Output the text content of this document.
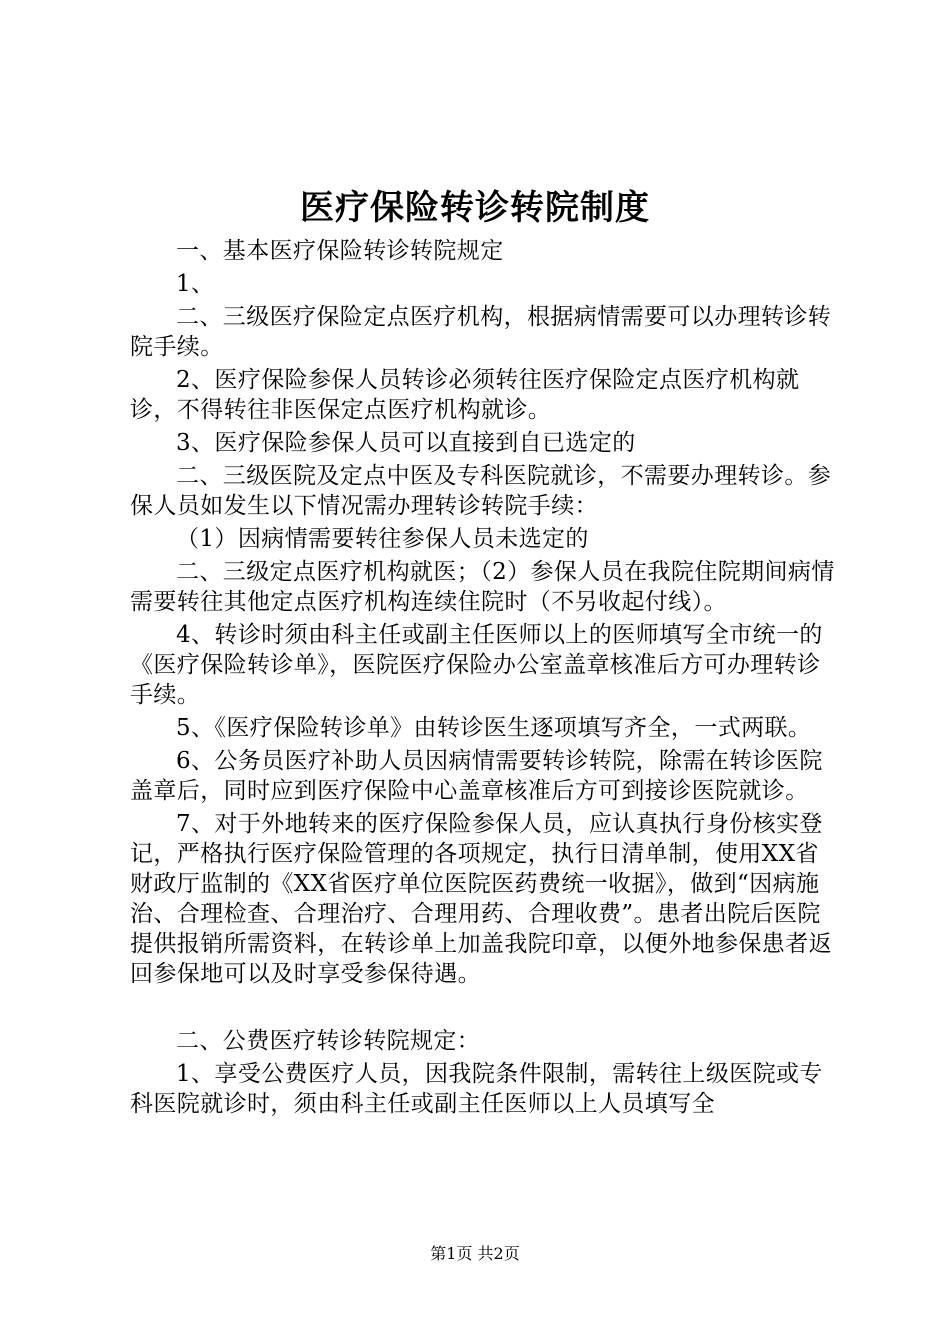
医疗保险转诊转院制度

一、基本医疗保险转诊转院规定

1、

二、三级医疗保险定点医疗机构，根据病情需要可以办理转诊转院手续。

2、医疗保险参保人员转诊必须转往医疗保险定点医疗机构就诊，不得转往非医保定点医疗机构就诊。

3、医疗保险参保人员可以直接到自已选定的

二、三级医院及定点中医及专科医院就诊，不需要办理转诊。参保人员如发生以下情况需办理转诊转院手续：

（1）因病情需要转往参保人员未选定的

二、三级定点医疗机构就医；（2）参保人员在我院住院期间病情需要转往其他定点医疗机构连续住院时（不另收起付线）。

4、转诊时须由科主任或副主任医师以上的医师填写全市统一的《医疗保险转诊单》，医院医疗保险办公室盖章核准后方可办理转诊手续。

5、《医疗保险转诊单》由转诊医生逐项填写齐全，一式两联。

6、公务员医疗补助人员因病情需要转诊转院，除需在转诊医院盖章后，同时应到医疗保险中心盖章核准后方可到接诊医院就诊。

7、对于外地转来的医疗保险参保人员，应认真执行身份核实登记，严格执行医疗保险管理的各项规定，执行日清单制，使用XX省财政厅监制的《XX省医疗单位医院医药费统一收据》，做到“因病施治、合理检查、合理治疗、合理用药、合理收费”。患者出院后医院提供报销所需资料，在转诊单上加盖我院印章，以便外地参保患者返回参保地可以及时享受参保待遇。

二、公费医疗转诊转院规定：

1、享受公费医疗人员，因我院条件限制，需转往上级医院或专科医院就诊时，须由科主任或副主任医师以上人员填写全

第1页 共2页
